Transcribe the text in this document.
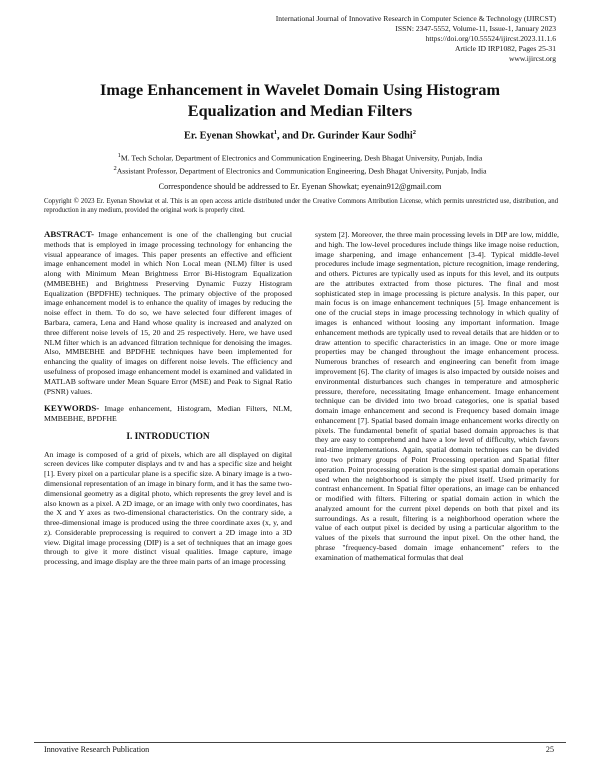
International Journal of Innovative Research in Computer Science & Technology (IJIRCST)
ISSN: 2347-5552, Volume-11, Issue-1, January 2023
https://doi.org/10.55524/ijircst.2023.11.1.6
Article ID IRP1082, Pages 25-31
www.ijircst.org
Image Enhancement in Wavelet Domain Using Histogram
Equalization and Median Filters
Er. Eyenan Showkat$^1$, and Dr. Gurinder Kaur Sodhi$^2$
$^1$M. Tech Scholar, Department of Electronics and Communication Engineering, Desh Bhagat University, Punjab, India
$^2$Assistant Professor, Department of Electronics and Communication Engineering, Desh Bhagat University, Punjab, India
Correspondence should be addressed to Er. Eyenan Showkat; eyenain912@gmail.com
Copyright © 2023 Er. Eyenan Showkat et al. This is an open access article distributed under the Creative Commons Attribution License, which permits unrestricted use, distribution, and reproduction in any medium, provided the original work is properly cited.

ABSTRACT- Image enhancement is one of the challenging but crucial methods that is employed in image processing technology for enhancing the visual appearance of images. This paper presents an effective and efficient image enhancement model in which Non Local mean (NLM) filter is used along with Minimum Mean Brightness Error Bi-Histogram Equalization (MMBEBHE) and Brightness Preserving Dynamic Fuzzy Histogram Equalization (BPDFHE) techniques. The primary objective of the proposed image enhancement model is to enhance the quality of images by reducing the noise effect in them. To do so, we have selected four different images of Barbara, camera, Lena and Hand whose quality is increased and analyzed on three different noise levels of 15, 20 and 25 respectively. Here, we have used NLM filter which is an advanced filtration technique for denoising the images. Also, MMBEBHE and BPDFHE techniques have been implemented for enhancing the quality of images on different noise levels. The efficiency and usefulness of proposed image enhancement model is examined and validated in MATLAB software under Mean Square Error (MSE) and Peak to Signal Ratio (PSNR) values.

KEYWORDS- Image enhancement, Histogram, Median Filters, NLM, MMBEBHE, BPDFHE

I. INTRODUCTION

An image is composed of a grid of pixels, which are all displayed on digital screen devices like computer displays and tv and has a specific size and height [1]. Every pixel on a particular plane is a specific size. A binary image is a two-dimensional representation of an image in binary form, and it has the same two-dimensional geometry as a digital photo, which represents the grey level and is also known as a pixel. A 2D image, or an image with only two coordinates, has the X and Y axes as two-dimensional characteristics. On the contrary side, a three-dimensional image is produced using the three coordinate axes (x, y, and z). Considerable preprocessing is required to convert a 2D image into a 3D view. Digital image processing (DIP) is a set of techniques that an image goes through to give it more distinct visual qualities. Image capture, image processing, and image display are the three main parts of an image processing

system [2]. Moreover, the three main processing levels in DIP are low, middle, and high. The low-level procedures include things like image noise reduction, image sharpening, and image enhancement [3-4]. Typical middle-level procedures include image segmentation, picture recognition, image rendering, and others. Pictures are typically used as inputs for this level, and its outputs are the attributes extracted from those pictures. The final and most sophisticated step in image processing is picture analysis. In this paper, our main focus is on image enhancement techniques [5]. Image enhancement is one of the crucial steps in image processing technology in which quality of images is enhanced without loosing any important information. Image enhancement methods are typically used to reveal details that are hidden or to draw attention to specific characteristics in an image. One or more image properties may be changed throughout the image enhancement process. Numerous branches of research and engineering can benefit from image improvement [6]. The clarity of images is also impacted by outside noises and environmental disturbances such changes in temperature and atmospheric pressure, therefore, necessitating Image enhancement. Image enhancement technique can be divided into two broad categories, one is spatial based domain image enhancement and second is Frequency based domain image enhancement [7]. Spatial based domain image enhancement works directly on pixels. The fundamental benefit of spatial based domain approaches is that they are easy to comprehend and have a low level of difficulty, which favors real-time implementations. Again, spatial domain techniques can be divided into two primary groups of Point Processing operation and Spatial filter operation. Point processing operation is the simplest spatial domain operations used when the neighborhood is simply the pixel itself. Used primarily for contrast enhancement. In Spatial filter operations, an image can be enhanced or modified with filters. Filtering or spatial domain action in which the analyzed amount for the current pixel depends on both that pixel and its surroundings. As a result, filtering is a neighborhood operation where the value of each output pixel is decided by using a particular algorithm to the values of the pixels that surround the input pixel. On the other hand, the phrase "frequency-based domain image enhancement" refers to the examination of mathematical formulas that deal

Innovative Research Publication	25
